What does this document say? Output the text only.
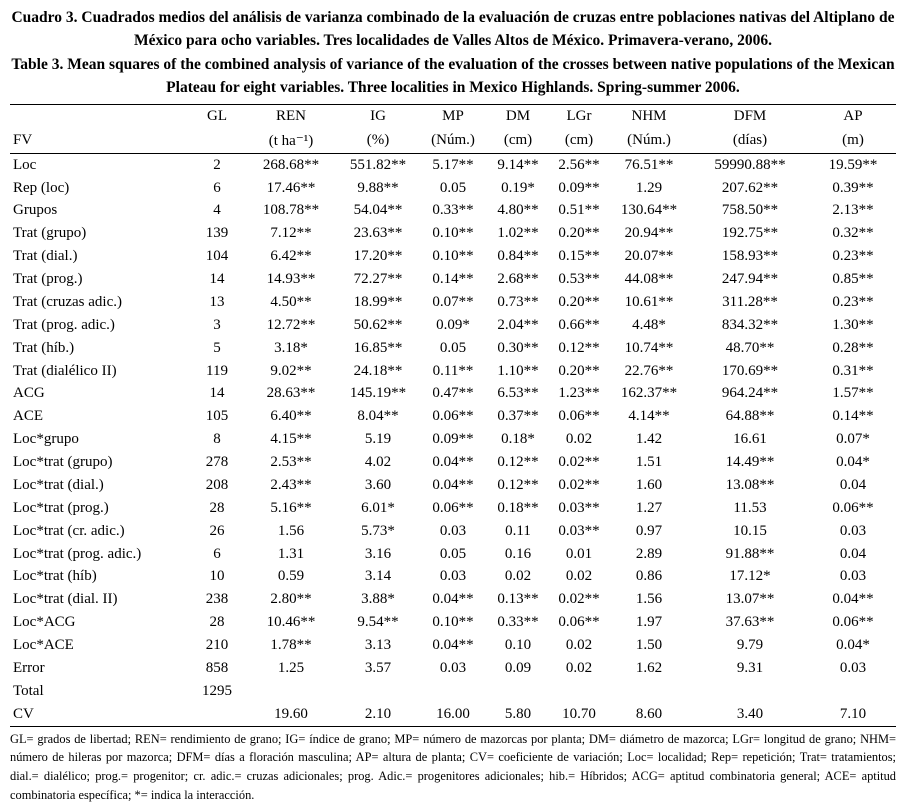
Cuadro 3. Cuadrados medios del análisis de varianza combinado de la evaluación de cruzas entre poblaciones nativas del Altiplano de México para ocho variables. Tres localidades de Valles Altos de México. Primavera-verano, 2006.
Table 3. Mean squares of the combined analysis of variance of the evaluation of the crosses between native populations of the Mexican Plateau for eight variables. Three localities in Mexico Highlands. Spring-summer 2006.
	GL	REN	IG	MP	DM	LGr	NHM	DFM	AP
FV		(t ha⁻¹)	(%)	(Núm.)	(cm)	(cm)	(Núm.)	(días)	(m)
Loc	2	268.68**	551.82**	5.17**	9.14**	2.56**	76.51**	59990.88**	19.59**
Rep (loc)	6	17.46**	9.88**	0.05	0.19*	0.09**	1.29	207.62**	0.39**
Grupos	4	108.78**	54.04**	0.33**	4.80**	0.51**	130.64**	758.50**	2.13**
Trat (grupo)	139	7.12**	23.63**	0.10**	1.02**	0.20**	20.94**	192.75**	0.32**
Trat (dial.)	104	6.42**	17.20**	0.10**	0.84**	0.15**	20.07**	158.93**	0.23**
Trat (prog.)	14	14.93**	72.27**	0.14**	2.68**	0.53**	44.08**	247.94**	0.85**
Trat (cruzas adic.)	13	4.50**	18.99**	0.07**	0.73**	0.20**	10.61**	311.28**	0.23**
Trat (prog. adic.)	3	12.72**	50.62**	0.09*	2.04**	0.66**	4.48*	834.32**	1.30**
Trat (híb.)	5	3.18*	16.85**	0.05	0.30**	0.12**	10.74**	48.70**	0.28**
Trat (dialélico II)	119	9.02**	24.18**	0.11**	1.10**	0.20**	22.76**	170.69**	0.31**
ACG	14	28.63**	145.19**	0.47**	6.53**	1.23**	162.37**	964.24**	1.57**
ACE	105	6.40**	8.04**	0.06**	0.37**	0.06**	4.14**	64.88**	0.14**
Loc*grupo	8	4.15**	5.19	0.09**	0.18*	0.02	1.42	16.61	0.07*
Loc*trat (grupo)	278	2.53**	4.02	0.04**	0.12**	0.02**	1.51	14.49**	0.04*
Loc*trat (dial.)	208	2.43**	3.60	0.04**	0.12**	0.02**	1.60	13.08**	0.04
Loc*trat (prog.)	28	5.16**	6.01*	0.06**	0.18**	0.03**	1.27	11.53	0.06**
Loc*trat (cr. adic.)	26	1.56	5.73*	0.03	0.11	0.03**	0.97	10.15	0.03
Loc*trat (prog. adic.)	6	1.31	3.16	0.05	0.16	0.01	2.89	91.88**	0.04
Loc*trat (híb)	10	0.59	3.14	0.03	0.02	0.02	0.86	17.12*	0.03
Loc*trat (dial. II)	238	2.80**	3.88*	0.04**	0.13**	0.02**	1.56	13.07**	0.04**
Loc*ACG	28	10.46**	9.54**	0.10**	0.33**	0.06**	1.97	37.63**	0.06**
Loc*ACE	210	1.78**	3.13	0.04**	0.10	0.02	1.50	9.79	0.04*
Error	858	1.25	3.57	0.03	0.09	0.02	1.62	9.31	0.03
Total	1295								
CV		19.60	2.10	16.00	5.80	10.70	8.60	3.40	7.10
GL= grados de libertad; REN= rendimiento de grano; IG= índice de grano; MP= número de mazorcas por planta; DM= diámetro de mazorca; LGr= longitud de grano; NHM= número de hileras por mazorca; DFM= días a floración masculina; AP= altura de planta; CV= coeficiente de variación; Loc= localidad; Rep= repetición; Trat= tratamientos; dial.= dialélico; prog.= progenitor; cr. adic.= cruzas adicionales; prog. Adic.= progenitores adicionales; hib.= Híbridos; ACG= aptitud combinatoria general; ACE= aptitud combinatoria específica; *= indica la interacción.
